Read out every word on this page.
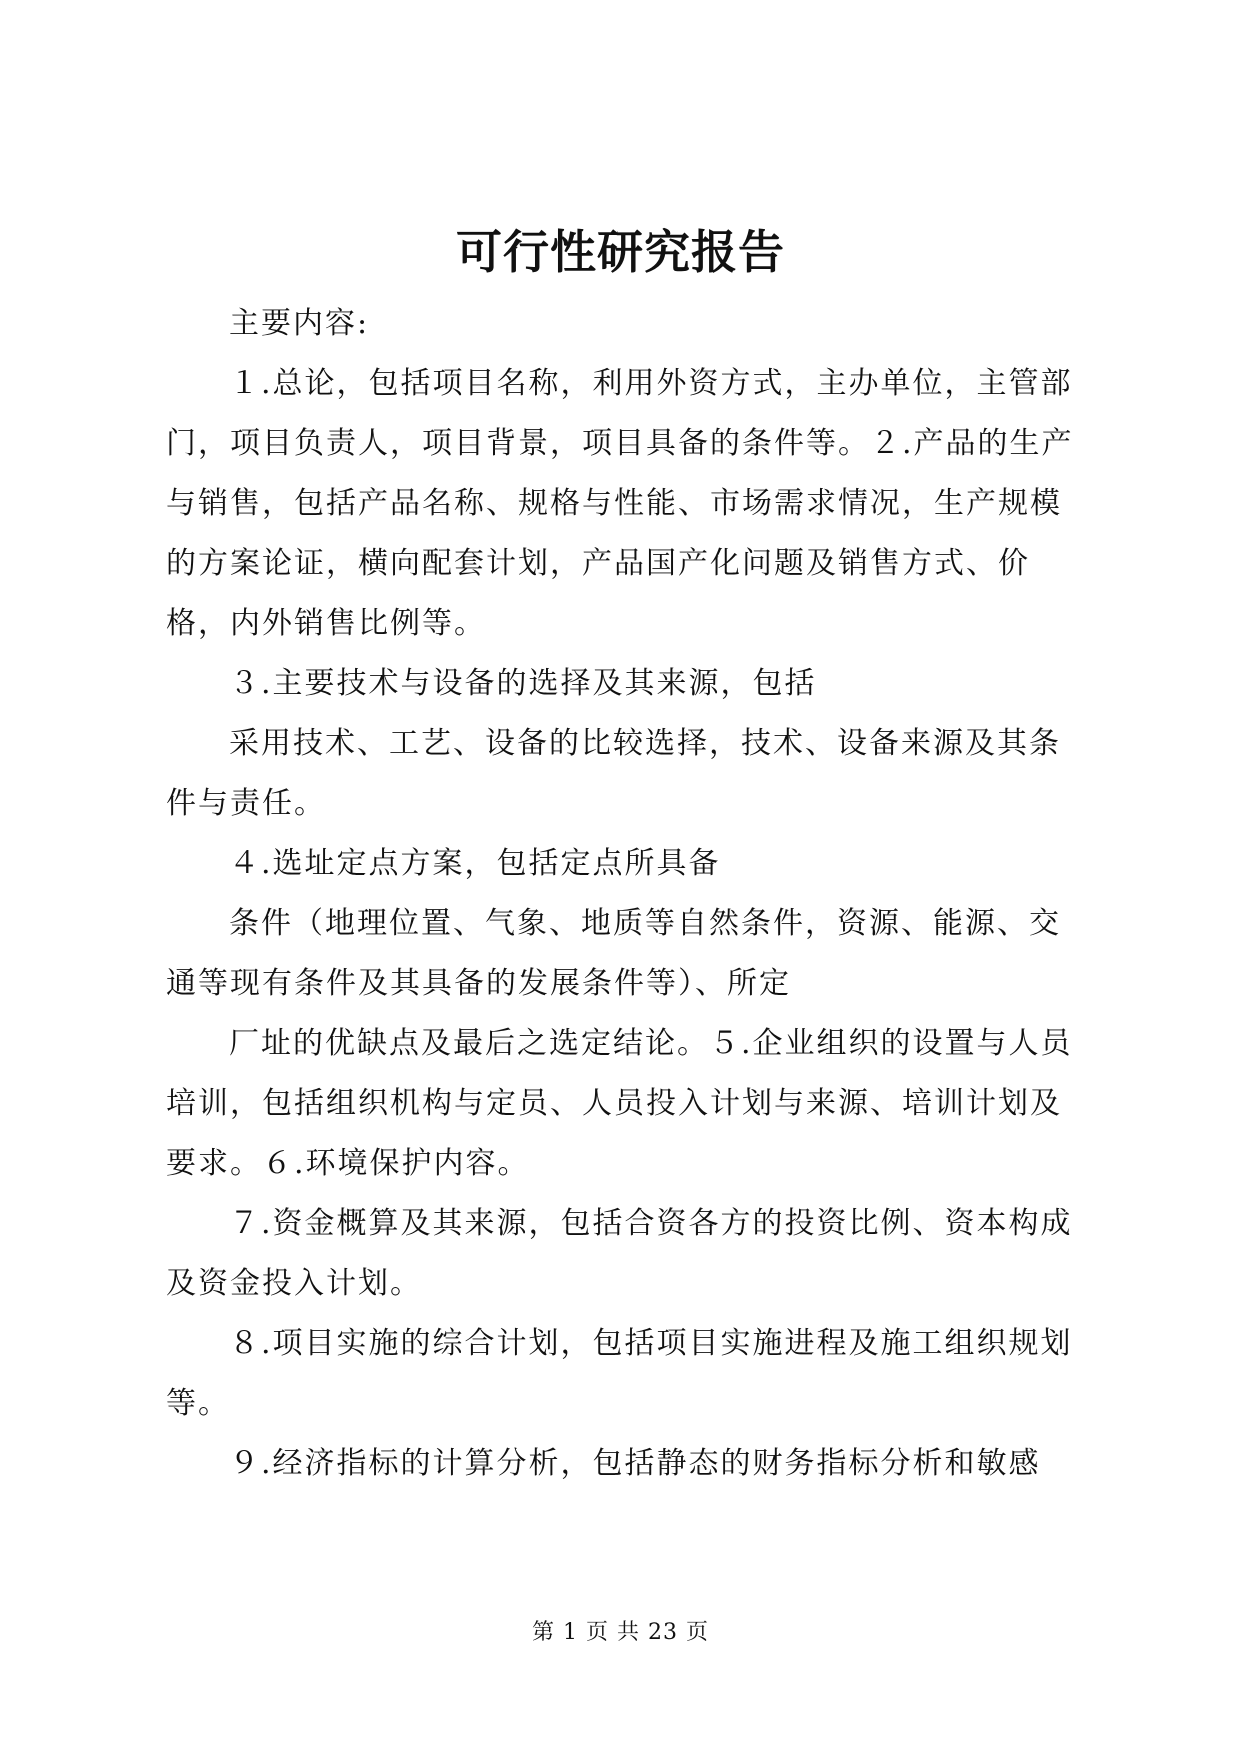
可行性研究报告

主要内容:

１.总论，包括项目名称，利用外资方式，主办单位，主管部门，项目负责人，项目背景，项目具备的条件等。２.产品的生产与销售，包括产品名称、规格与性能、市场需求情况，生产规模的方案论证，横向配套计划，产品国产化问题及销售方式、价格，内外销售比例等。

３.主要技术与设备的选择及其来源，包括

采用技术、工艺、设备的比较选择，技术、设备来源及其条件与责任。

４.选址定点方案，包括定点所具备

条件（地理位置、气象、地质等自然条件，资源、能源、交通等现有条件及其具备的发展条件等）、所定

厂址的优缺点及最后之选定结论。５.企业组织的设置与人员培训，包括组织机构与定员、人员投入计划与来源、培训计划及要求。６.环境保护内容。

７.资金概算及其来源，包括合资各方的投资比例、资本构成及资金投入计划。

８.项目实施的综合计划，包括项目实施进程及施工组织规划等。

９.经济指标的计算分析，包括静态的财务指标分析和敏感

第 1 页 共 23 页
